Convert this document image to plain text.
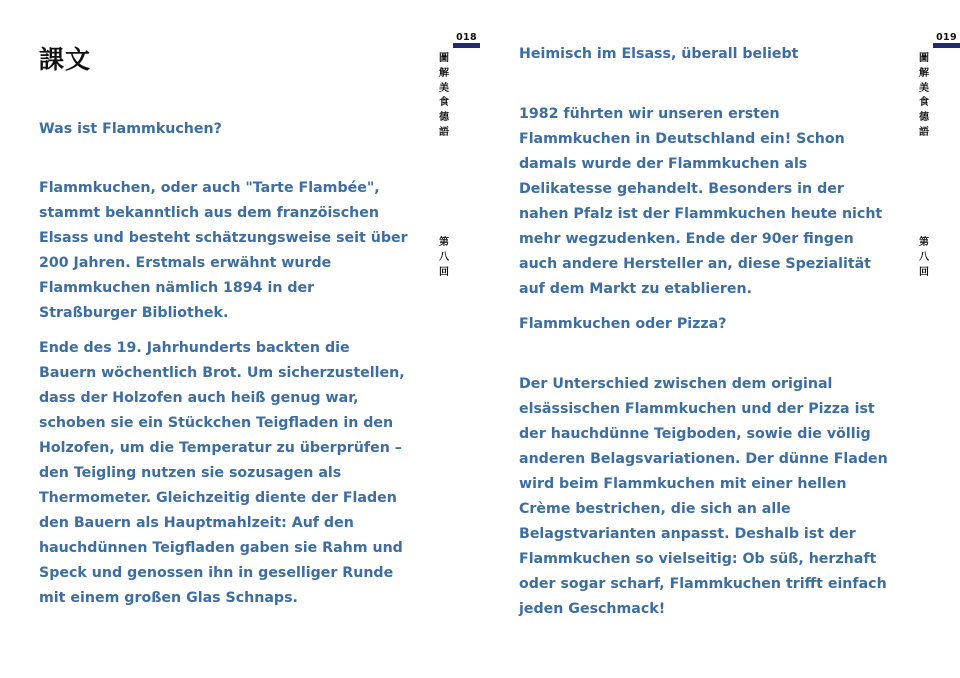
課文

Was ist Flammkuchen?

Flammkuchen, oder auch "Tarte Flambée", stammt bekanntlich aus dem franzöischen Elsass und besteht schätzungsweise seit über 200 Jahren. Erstmals erwähnt wurde Flammkuchen nämlich 1894 in der Straßburger Bibliothek.

Ende des 19. Jahrhunderts backten die Bauern wöchentlich Brot. Um sicherzustellen, dass der Holzofen auch heiß genug war, schoben sie ein Stückchen Teigfladen in den Holzofen, um die Temperatur zu überprüfen – den Teigling nutzen sie sozusagen als Thermometer. Gleichzeitig diente der Fladen den Bauern als Hauptmahlzeit: Auf den hauchdünnen Teigfladen gaben sie Rahm und Speck und genossen ihn in geselliger Runde mit einem großen Glas Schnaps.

018
圖解美食德語
第八回

Heimisch im Elsass, überall beliebt

1982 führten wir unseren ersten Flammkuchen in Deutschland ein! Schon damals wurde der Flammkuchen als Delikatesse gehandelt. Besonders in der nahen Pfalz ist der Flammkuchen heute nicht mehr wegzudenken. Ende der 90er fingen auch andere Hersteller an, diese Spezialität auf dem Markt zu etablieren.

Flammkuchen oder Pizza?

Der Unterschied zwischen dem original elsässischen Flammkuchen und der Pizza ist der hauchdünne Teigboden, sowie die völlig anderen Belagsvariationen. Der dünne Fladen wird beim Flammkuchen mit einer hellen Crème bestrichen, die sich an alle Belagstvarianten anpasst. Deshalb ist der Flammkuchen so vielseitig: Ob süß, herzhaft oder sogar scharf, Flammkuchen trifft einfach jeden Geschmack!

019
圖解美食德語
第八回
